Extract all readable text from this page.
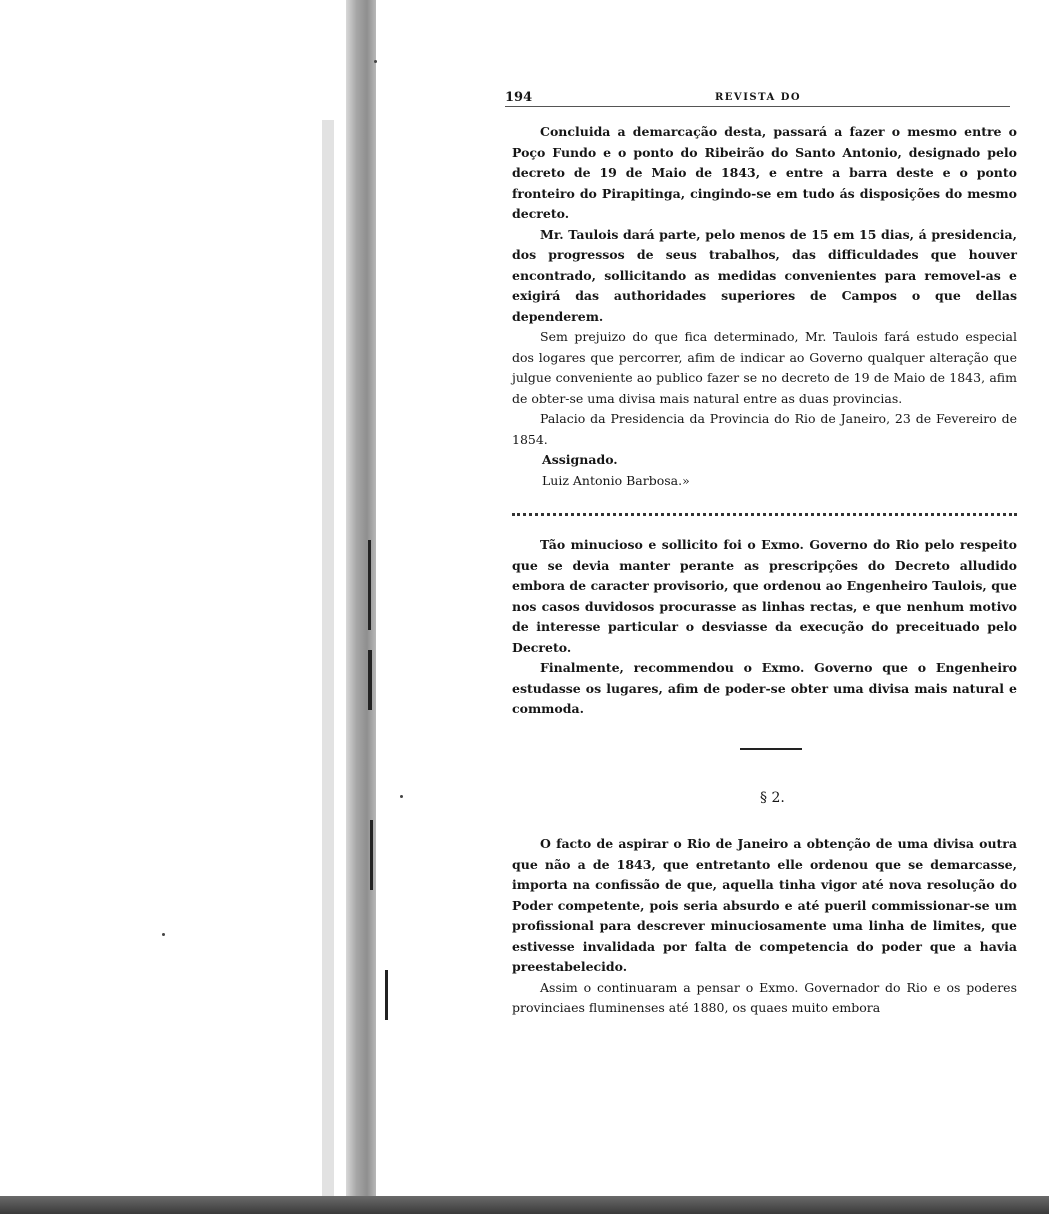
194	REVISTA DO

Concluida a demarcação desta, passará a fazer o mesmo entre o Poço Fundo e o ponto do Ribeirão do Santo Antonio, designado pelo decreto de 19 de Maio de 1843, e entre a barra deste e o ponto fronteiro do Pirapitinga, cingindo-se em tudo ás disposições do mesmo decreto.

Mr. Taulois dará parte, pelo menos de 15 em 15 dias, á presidencia, dos progressos de seus trabalhos, das difficuldades que houver encontrado, sollicitando as medidas convenientes para removel-as e exigirá das authoridades superiores de Campos o que dellas dependerem.

Sem prejuizo do que fica determinado, Mr. Taulois fará estudo especial dos logares que percorrer, afim de indicar ao Governo qualquer alteração que julgue conveniente ao publico fazer se no decreto de 19 de Maio de 1843, afim de obter-se uma divisa mais natural entre as duas provincias.

Palacio da Presidencia da Provincia do Rio de Janeiro, 23 de Fevereiro de 1854.

Assignado.

Luiz Antonio Barbosa.»

Tão minucioso e sollicito foi o Exmo. Governo do Rio pelo respeito que se devia manter perante as prescripções do Decreto alludido embora de caracter provisorio, que ordenou ao Engenheiro Taulois, que nos casos duvidosos procurasse as linhas rectas, e que nenhum motivo de interesse particular o desviasse da execução do preceituado pelo Decreto.

Finalmente, recommendou o Exmo. Governo que o Engenheiro estudasse os lugares, afim de poder-se obter uma divisa mais natural e commoda.

§ 2.

O facto de aspirar o Rio de Janeiro a obtenção de uma divisa outra que não a de 1843, que entretanto elle ordenou que se demarcasse, importa na confissão de que, aquella tinha vigor até nova resolução do Poder competente, pois seria absurdo e até pueril commissionar-se um profissional para descrever minuciosamente uma linha de limites, que estivesse invalidada por falta de competencia do poder que a havia preestabelecido.

Assim o continuaram a pensar o Exmo. Governador do Rio e os poderes provinciaes fluminenses até 1880, os quaes muito embora
